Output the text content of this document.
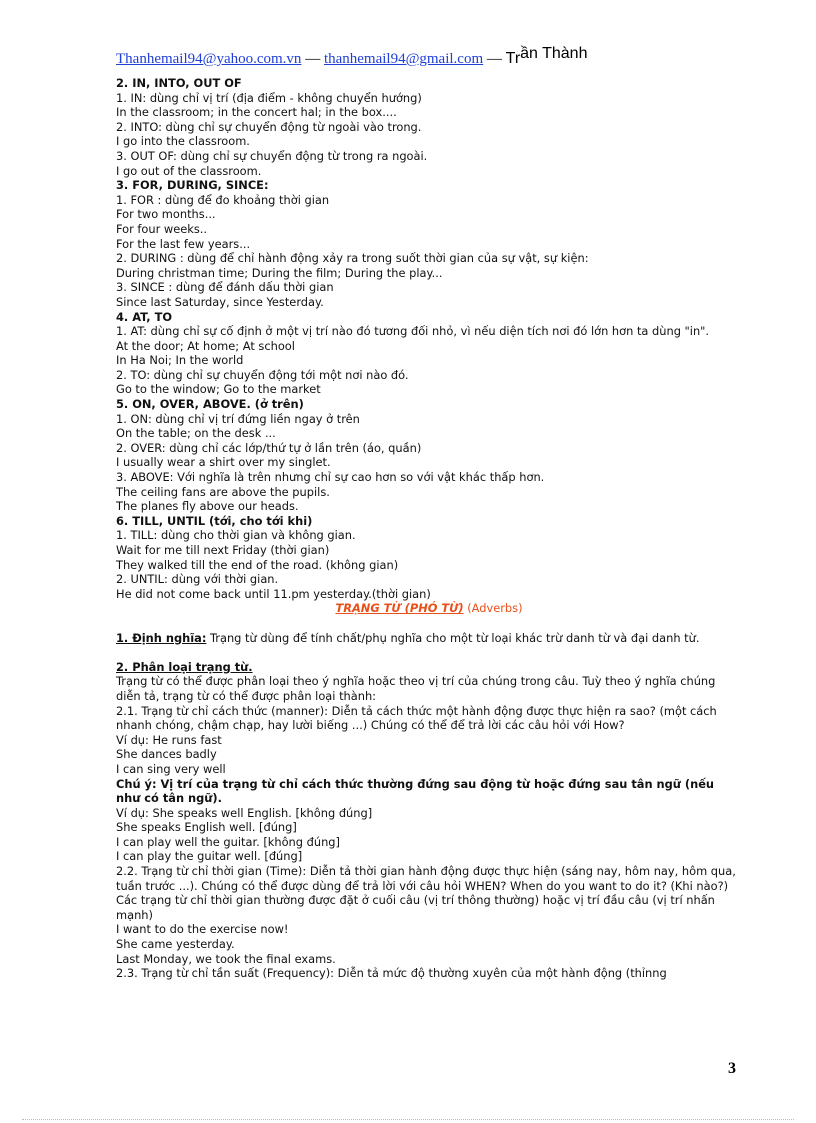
Thanhemail94@yahoo.com.vn — thanhemail94@gmail.com — Trần Thành
2. IN, INTO, OUT OF
1. IN: dùng chỉ vị trí (địa điểm - không chuyển hướng)
In the classroom; in the concert hal; in the box....
2. INTO: dùng chỉ sự chuyển động từ ngoài vào trong.
I go into the classroom.
3. OUT OF: dùng chỉ sự chuyển động từ trong ra ngoài.
I go out of the classroom.
3. FOR, DURING, SINCE:
1. FOR : dùng để đo khoảng thời gian
For two months...
For four weeks..
For the last few years...
2. DURING : dùng để chỉ hành động xảy ra trong suốt thời gian của sự vật, sự kiện:
During christman time; During the film; During the play...
3. SINCE : dùng để đánh dấu thời gian
Since last Saturday, since Yesterday.
4. AT, TO
1. AT: dùng chỉ sự cố định ở một vị trí nào đó tương đối nhỏ, vì nếu diện tích nơi đó lớn hơn ta dùng "in".
At the door; At home; At school
In Ha Noi; In the world
2. TO: dùng chỉ sự chuyển động tới một nơi nào đó.
Go to the window; Go to the market
5. ON, OVER, ABOVE. (ở trên)
1. ON: dùng chỉ vị trí đứng liền ngay ở trên
On the table; on the desk ...
2. OVER: dùng chỉ các lớp/thứ tự ở lần trên (áo, quần)
I usually wear a shirt over my singlet.
3. ABOVE: Với nghĩa là trên nhưng chỉ sự cao hơn so với vật khác thấp hơn.
The ceiling fans are above the pupils.
The planes fly above our heads.
6. TILL, UNTIL (tới, cho tới khi)
1. TILL: dùng cho thời gian và không gian.
Wait for me till next Friday (thời gian)
They walked till the end of the road. (không gian)
2. UNTIL: dùng với thời gian.
He did not come back until 11.pm yesterday.(thời gian)
TRẠNG TỪ (PHÓ TỪ) (Adverbs)
1. Định nghĩa: Trạng từ dùng để tính chất/phụ nghĩa cho một từ loại khác trừ danh từ và đại danh từ.
2. Phân loại trạng từ.
Trạng từ có thể được phân loại theo ý nghĩa hoặc theo vị trí của chúng trong câu. Tuỳ theo ý nghĩa chúng diễn tả, trạng từ có thể được phân loại thành:
2.1. Trạng từ chỉ cách thức (manner): Diễn tả cách thức một hành động được thực hiện ra sao? (một cách nhanh chóng, chậm chạp, hay lười biếng ...) Chúng có thể để trả lời các câu hỏi với How?
Ví dụ: He runs fast
She dances badly
I can sing very well
Chú ý: Vị trí của trạng từ chỉ cách thức thường đứng sau động từ hoặc đứng sau tân ngữ (nếu như có tân ngữ).
Ví dụ: She speaks well English. [không đúng]
She speaks English well. [đúng]
I can play well the guitar. [không đúng]
I can play the guitar well. [đúng]
2.2. Trạng từ chỉ thời gian (Time): Diễn tả thời gian hành động được thực hiện (sáng nay, hôm nay, hôm qua, tuần trước ...). Chúng có thể được dùng để trả lời với câu hỏi WHEN? When do you want to do it? (Khi nào?)
Các trạng từ chỉ thời gian thường được đặt ở cuối câu (vị trí thông thường) hoặc vị trí đầu câu (vị trí nhấn mạnh)
I want to do the exercise now!
She came yesterday.
Last Monday, we took the final exams.
2.3. Trạng từ chỉ tần suất (Frequency): Diễn tả mức độ thường xuyên của một hành động (thỉnng
3
